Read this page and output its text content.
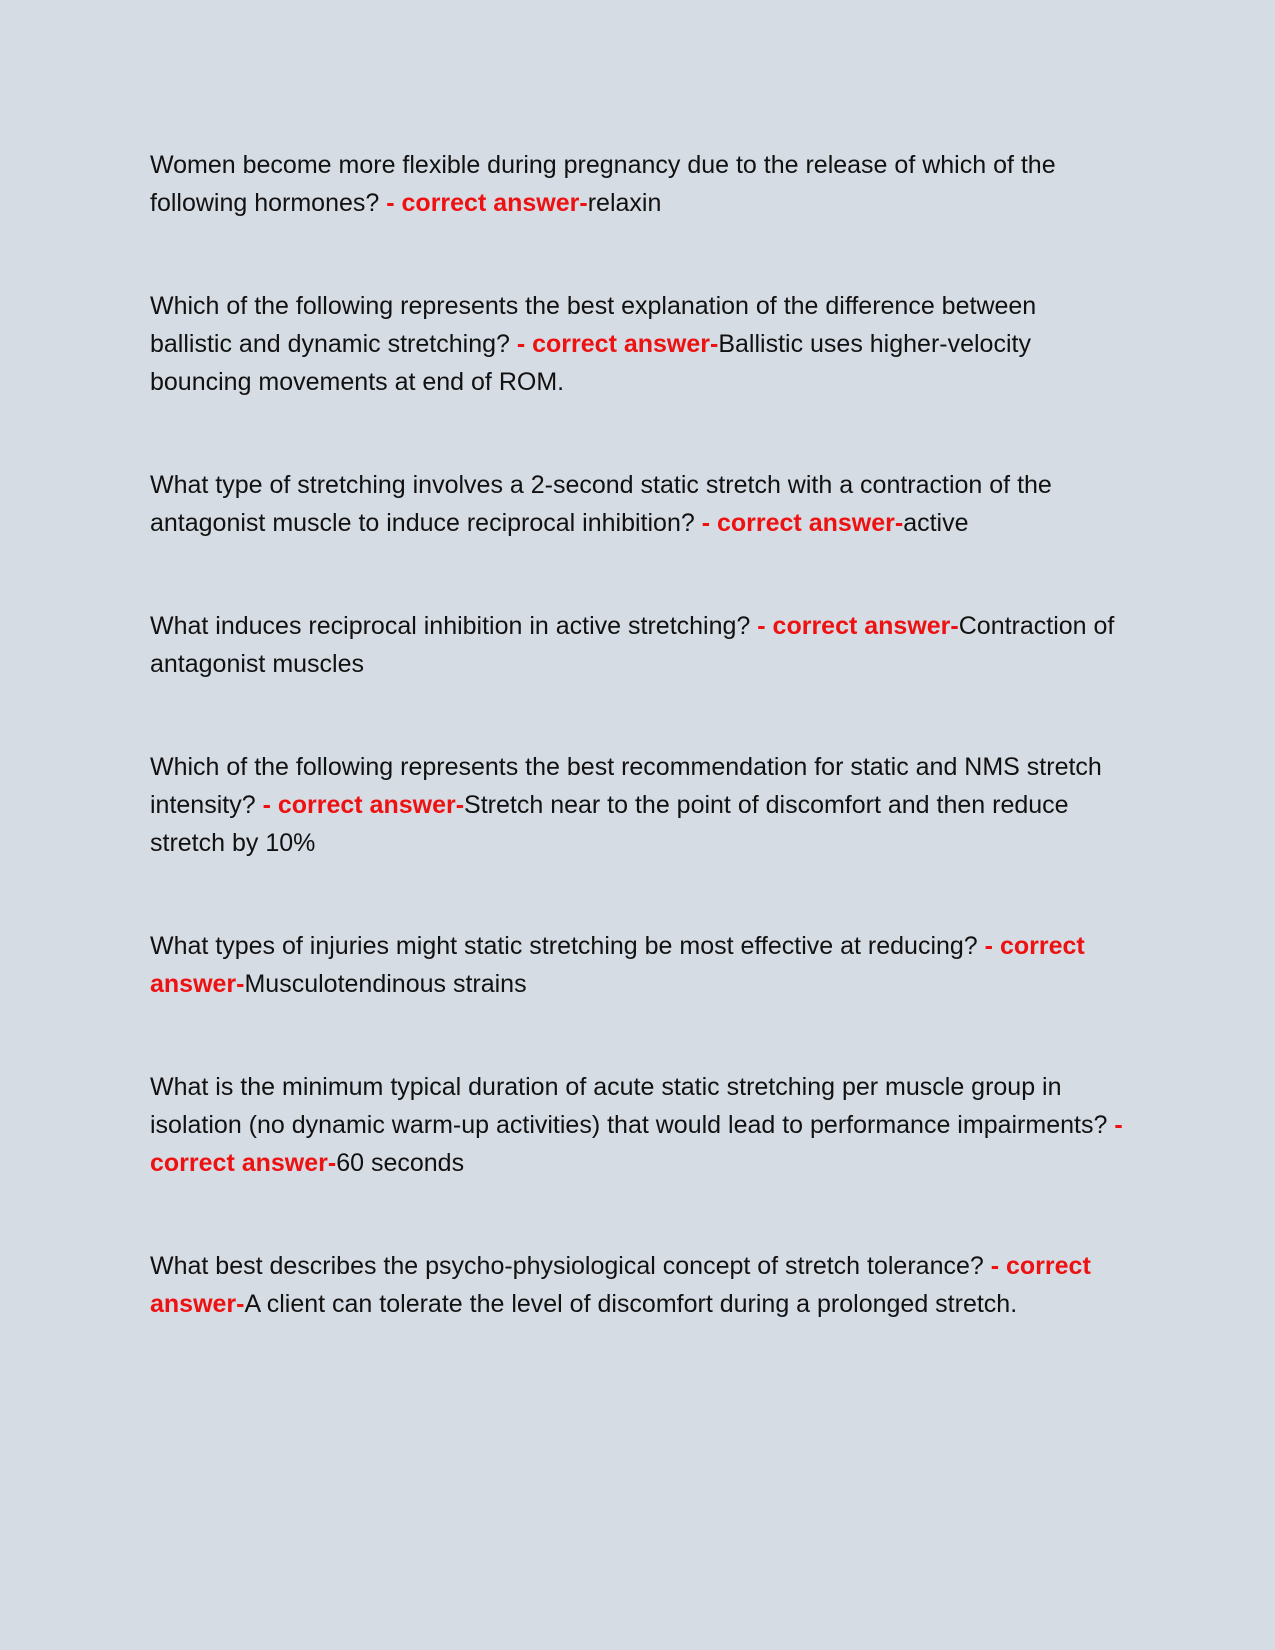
Women become more flexible during pregnancy due to the release of which of the following hormones? - correct answer-relaxin

Which of the following represents the best explanation of the difference between ballistic and dynamic stretching? - correct answer-Ballistic uses higher-velocity bouncing movements at end of ROM.

What type of stretching involves a 2-second static stretch with a contraction of the antagonist muscle to induce reciprocal inhibition? - correct answer-active

What induces reciprocal inhibition in active stretching? - correct answer-Contraction of antagonist muscles

Which of the following represents the best recommendation for static and NMS stretch intensity? - correct answer-Stretch near to the point of discomfort and then reduce stretch by 10%

What types of injuries might static stretching be most effective at reducing? - correct answer-Musculotendinous strains

What is the minimum typical duration of acute static stretching per muscle group in isolation (no dynamic warm-up activities) that would lead to performance impairments? - correct answer-60 seconds

What best describes the psycho-physiological concept of stretch tolerance? - correct answer-A client can tolerate the level of discomfort during a prolonged stretch.
